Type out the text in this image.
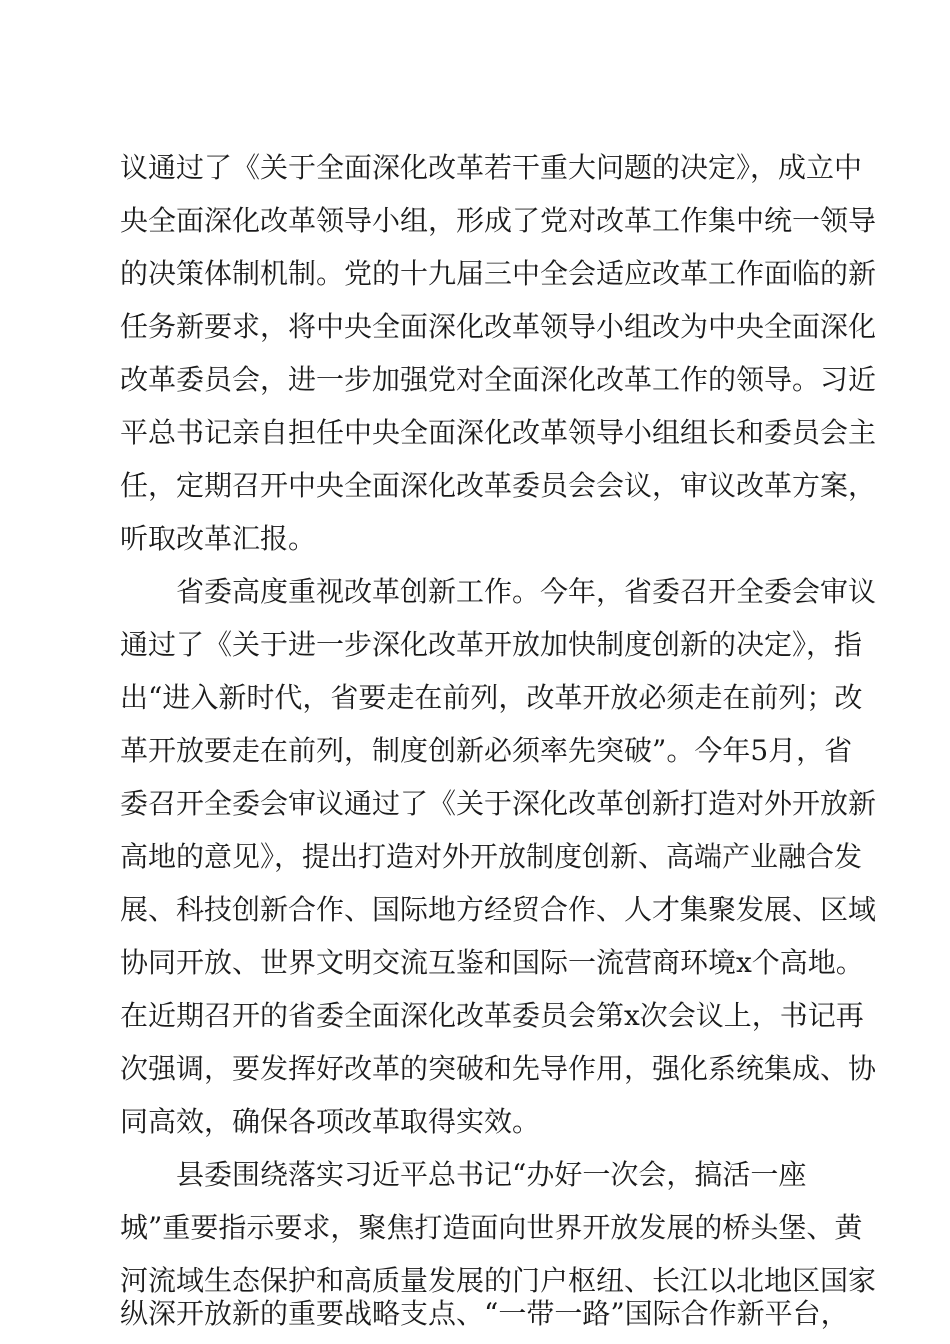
议通过了《关于全面深化改革若干重大问题的决定》，成立中
央全面深化改革领导小组，形成了党对改革工作集中统一领导
的决策体制机制。党的十九届三中全会适应改革工作面临的新
任务新要求，将中央全面深化改革领导小组改为中央全面深化
改革委员会，进一步加强党对全面深化改革工作的领导。习近
平总书记亲自担任中央全面深化改革领导小组组长和委员会主
任，定期召开中央全面深化改革委员会会议，审议改革方案，
听取改革汇报。
省委高度重视改革创新工作。今年，省委召开全委会审议
通过了《关于进一步深化改革开放加快制度创新的决定》，指
出“进入新时代，省要走在前列，改革开放必须走在前列；改
革开放要走在前列，制度创新必须率先突破”。今年5月，省
委召开全委会审议通过了《关于深化改革创新打造对外开放新
高地的意见》，提出打造对外开放制度创新、高端产业融合发
展、科技创新合作、国际地方经贸合作、人才集聚发展、区域
协同开放、世界文明交流互鉴和国际一流营商环境x个高地。
在近期召开的省委全面深化改革委员会第x次会议上，书记再
次强调，要发挥好改革的突破和先导作用，强化系统集成、协
同高效，确保各项改革取得实效。
县委围绕落实习近平总书记“办好一次会，搞活一座
城”重要指示要求，聚焦打造面向世界开放发展的桥头堡、黄
河流域生态保护和高质量发展的门户枢纽、长江以北地区国家
纵深开放新的重要战略支点、“一带一路”国际合作新平台，
